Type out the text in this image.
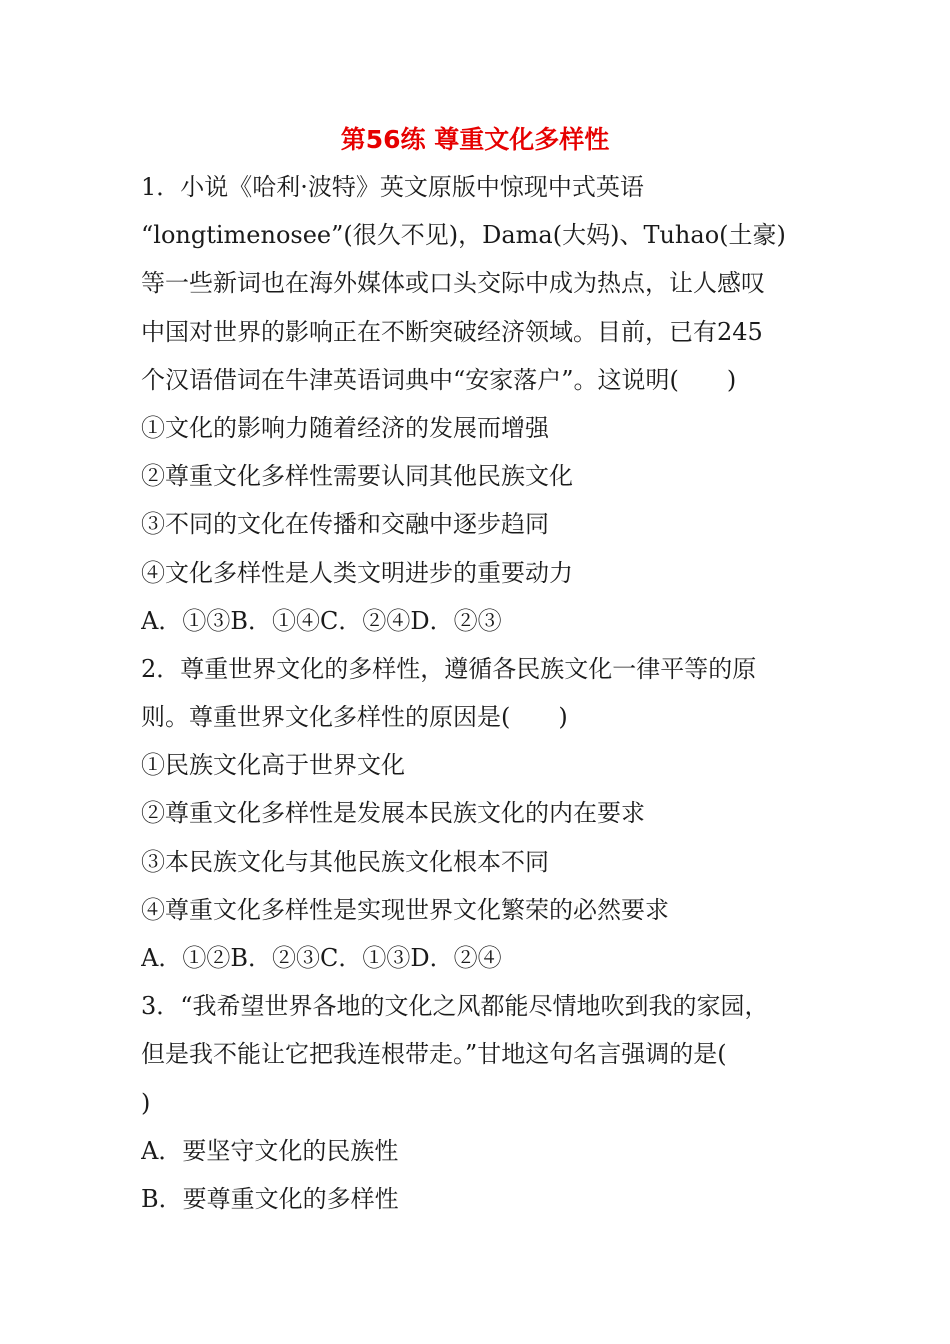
第56练 尊重文化多样性
1．小说《哈利·波特》英文原版中惊现中式英语
“longtimenosee”(很久不见)，Dama(大妈)、Tuhao(土豪)
等一些新词也在海外媒体或口头交际中成为热点，让人感叹
中国对世界的影响正在不断突破经济领域。目前，已有245
个汉语借词在牛津英语词典中“安家落户”。这说明(　　)
①文化的影响力随着经济的发展而增强
②尊重文化多样性需要认同其他民族文化
③不同的文化在传播和交融中逐步趋同
④文化多样性是人类文明进步的重要动力
A．①③B．①④C．②④D．②③
2．尊重世界文化的多样性，遵循各民族文化一律平等的原
则。尊重世界文化多样性的原因是(　　)
①民族文化高于世界文化
②尊重文化多样性是发展本民族文化的内在要求
③本民族文化与其他民族文化根本不同
④尊重文化多样性是实现世界文化繁荣的必然要求
A．①②B．②③C．①③D．②④
3．“我希望世界各地的文化之风都能尽情地吹到我的家园，
但是我不能让它把我连根带走。”甘地这句名言强调的是(
)
A．要坚守文化的民族性
B．要尊重文化的多样性
